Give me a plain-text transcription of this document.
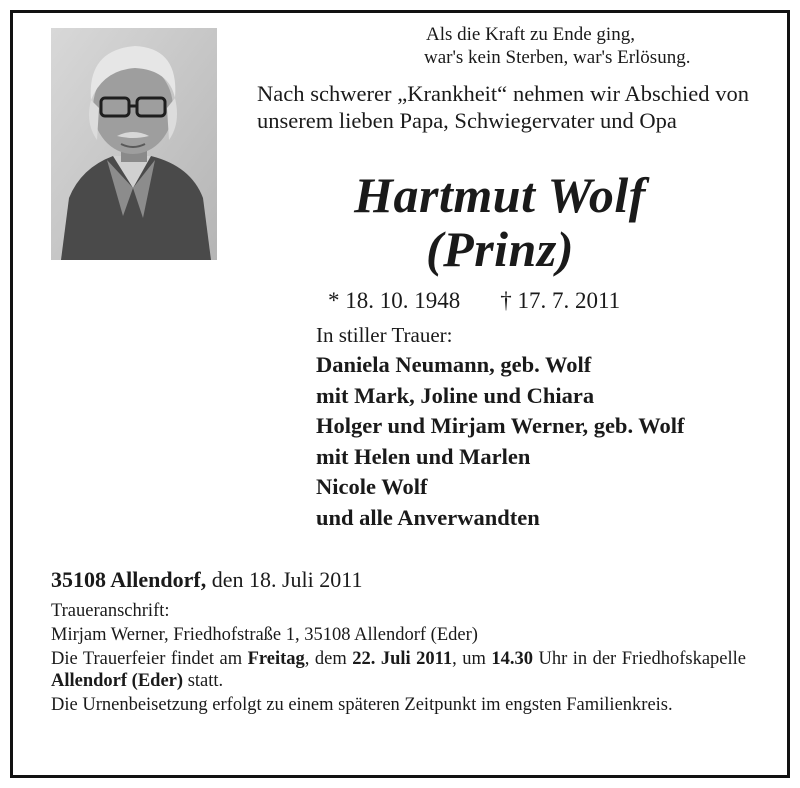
Als die Kraft zu Ende ging,
war's kein Sterben, war's Erlösung.
Nach schwerer „Krankheit“ nehmen wir Abschied von unserem lieben Papa, Schwiegervater und Opa
Hartmut Wolf
(Prinz)
* 18. 10. 1948 † 17. 7. 2011
In stiller Trauer:
Daniela Neumann, geb. Wolf
mit Mark, Joline und Chiara
Holger und Mirjam Werner, geb. Wolf
mit Helen und Marlen
Nicole Wolf
und alle Anverwandten
35108 Allendorf, den 18. Juli 2011

Traueranschrift:

Mirjam Werner, Friedhofstraße 1, 35108 Allendorf (Eder)

Die Trauerfeier findet am Freitag, dem 22. Juli 2011, um 14.30 Uhr in der Friedhofskapelle Allendorf (Eder) statt.

Die Urnenbeisetzung erfolgt zu einem späteren Zeitpunkt im engsten Familienkreis.
